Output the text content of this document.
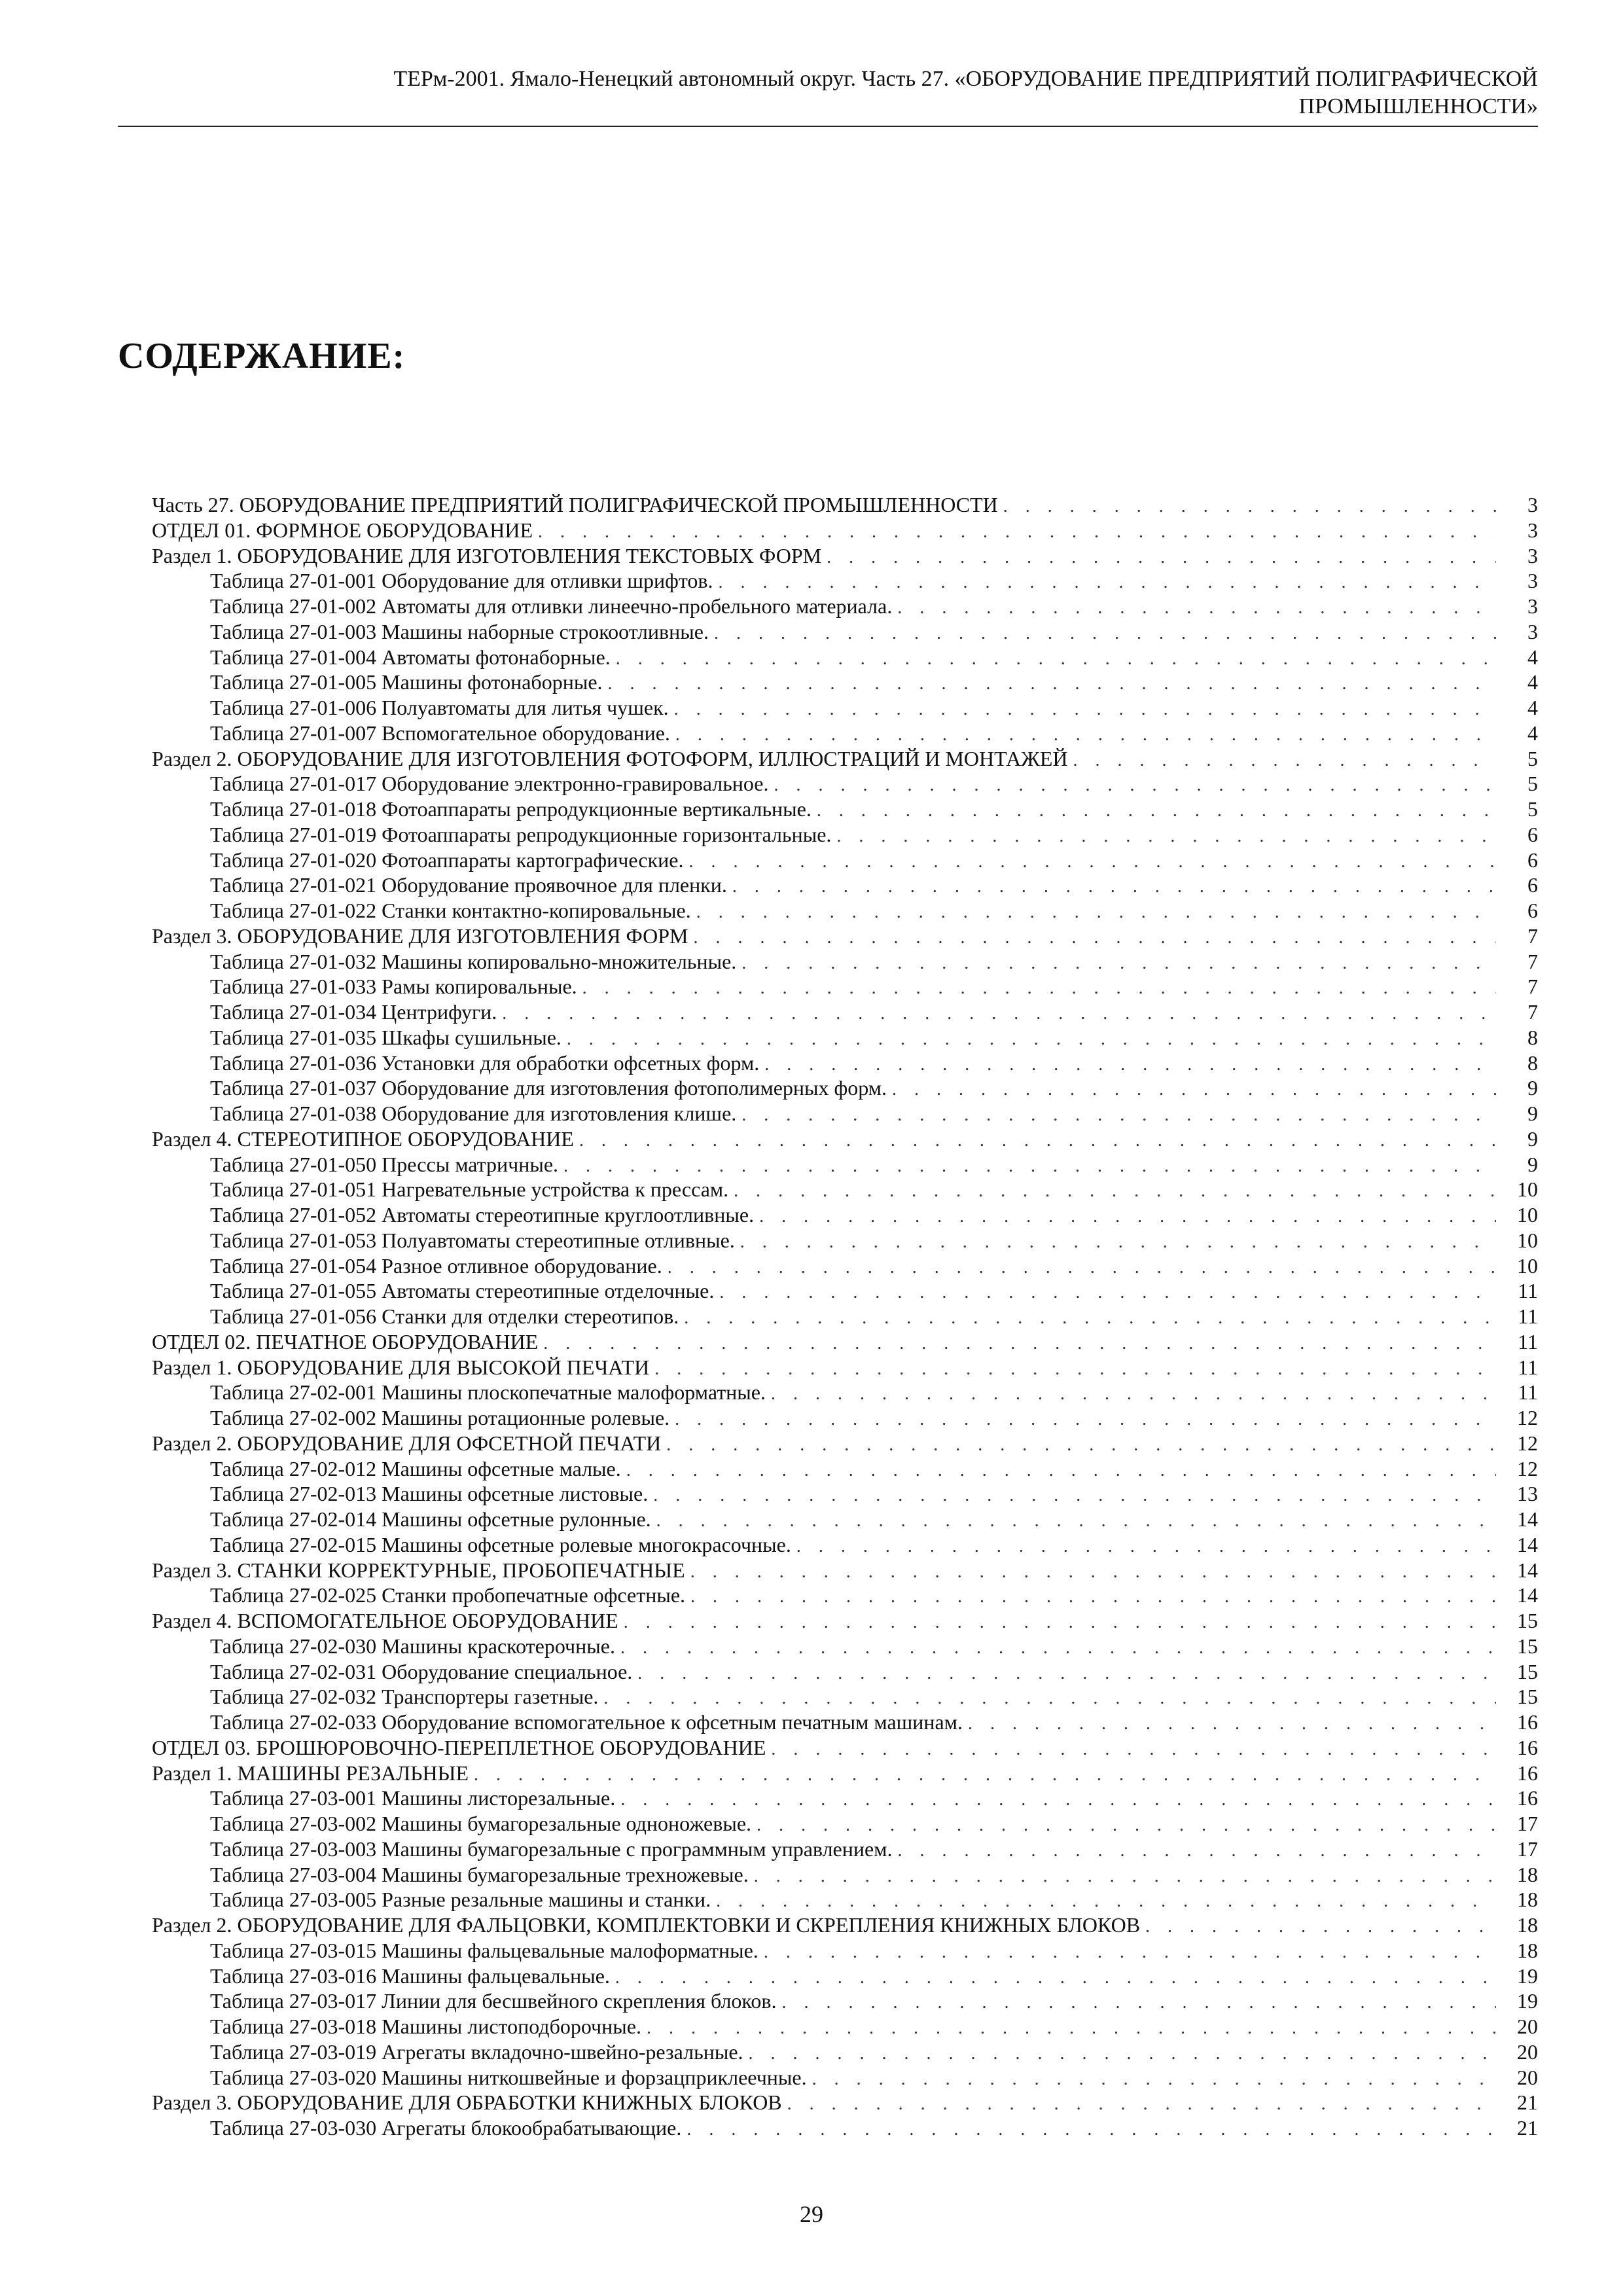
ТЕРм-2001. Ямало-Ненецкий автономный округ. Часть 27. «ОБОРУДОВАНИЕ ПРЕДПРИЯТИЙ ПОЛИГРАФИЧЕСКОЙ
ПРОМЫШЛЕННОСТИ»
СОДЕРЖАНИЕ:
Часть 27. ОБОРУДОВАНИЕ ПРЕДПРИЯТИЙ ПОЛИГРАФИЧЕСКОЙ ПРОМЫШЛЕННОСТИ . . .	3
ОТДЕЛ 01. ФОРМНОЕ ОБОРУДОВАНИЕ . . .	3
Раздел 1. ОБОРУДОВАНИЕ ДЛЯ ИЗГОТОВЛЕНИЯ ТЕКСТОВЫХ ФОРМ . . .	3
Таблица 27-01-001 Оборудование для отливки шрифтов. . . .	3
Таблица 27-01-002 Автоматы для отливки линеечно-пробельного материала. . . .	3
Таблица 27-01-003 Машины наборные строкоотливные. . . .	3
Таблица 27-01-004 Автоматы фотонаборные. . . .	4
Таблица 27-01-005 Машины фотонаборные. . . .	4
Таблица 27-01-006 Полуавтоматы для литья чушек. . . .	4
Таблица 27-01-007 Вспомогательное оборудование. . . .	4
Раздел 2. ОБОРУДОВАНИЕ ДЛЯ ИЗГОТОВЛЕНИЯ ФОТОФОРМ, ИЛЛЮСТРАЦИЙ И МОНТАЖЕЙ . . .	5
Таблица 27-01-017 Оборудование электронно-гравировальное. . . .	5
Таблица 27-01-018 Фотоаппараты репродукционные вертикальные. . . .	5
Таблица 27-01-019 Фотоаппараты репродукционные горизонтальные. . . .	6
Таблица 27-01-020 Фотоаппараты картографические. . . .	6
Таблица 27-01-021 Оборудование проявочное для пленки. . . .	6
Таблица 27-01-022 Станки контактно-копировальные. . . .	6
Раздел 3. ОБОРУДОВАНИЕ ДЛЯ ИЗГОТОВЛЕНИЯ ФОРМ . . .	7
Таблица 27-01-032 Машины копировально-множительные. . . .	7
Таблица 27-01-033 Рамы копировальные. . . .	7
Таблица 27-01-034 Центрифуги. . . .	7
Таблица 27-01-035 Шкафы сушильные. . . .	8
Таблица 27-01-036 Установки для обработки офсетных форм. . . .	8
Таблица 27-01-037 Оборудование для изготовления фотополимерных форм. . . .	9
Таблица 27-01-038 Оборудование для изготовления клише. . . .	9
Раздел 4. СТЕРЕОТИПНОЕ ОБОРУДОВАНИЕ . . .	9
Таблица 27-01-050 Прессы матричные. . . .	9
Таблица 27-01-051 Нагревательные устройства к прессам. . . .	10
Таблица 27-01-052 Автоматы стереотипные круглоотливные. . . .	10
Таблица 27-01-053 Полуавтоматы стереотипные отливные. . . .	10
Таблица 27-01-054 Разное отливное оборудование. . . .	10
Таблица 27-01-055 Автоматы стереотипные отделочные. . . .	11
Таблица 27-01-056 Станки для отделки стереотипов. . . .	11
ОТДЕЛ 02. ПЕЧАТНОЕ ОБОРУДОВАНИЕ . . .	11
Раздел 1. ОБОРУДОВАНИЕ ДЛЯ ВЫСОКОЙ ПЕЧАТИ . . .	11
Таблица 27-02-001 Машины плоскопечатные малоформатные. . . .	11
Таблица 27-02-002 Машины ротационные ролевые. . . .	12
Раздел 2. ОБОРУДОВАНИЕ ДЛЯ ОФСЕТНОЙ ПЕЧАТИ . . .	12
Таблица 27-02-012 Машины офсетные малые. . . .	12
Таблица 27-02-013 Машины офсетные листовые. . . .	13
Таблица 27-02-014 Машины офсетные рулонные. . . .	14
Таблица 27-02-015 Машины офсетные ролевые многокрасочные. . . .	14
Раздел 3. СТАНКИ КОРРЕКТУРНЫЕ, ПРОБОПЕЧАТНЫЕ . . .	14
Таблица 27-02-025 Станки пробопечатные офсетные. . . .	14
Раздел 4. ВСПОМОГАТЕЛЬНОЕ ОБОРУДОВАНИЕ . . .	15
Таблица 27-02-030 Машины краскотерочные. . . .	15
Таблица 27-02-031 Оборудование специальное. . . .	15
Таблица 27-02-032 Транспортеры газетные. . . .	15
Таблица 27-02-033 Оборудование вспомогательное к офсетным печатным машинам. . . .	16
ОТДЕЛ 03. БРОШЮРОВОЧНО-ПЕРЕПЛЕТНОЕ ОБОРУДОВАНИЕ . . .	16
Раздел 1. МАШИНЫ РЕЗАЛЬНЫЕ . . .	16
Таблица 27-03-001 Машины листорезальные. . . .	16
Таблица 27-03-002 Машины бумагорезальные одноножевые. . . .	17
Таблица 27-03-003 Машины бумагорезальные с программным управлением. . . .	17
Таблица 27-03-004 Машины бумагорезальные трехножевые. . . .	18
Таблица 27-03-005 Разные резальные машины и станки. . . .	18
Раздел 2. ОБОРУДОВАНИЕ ДЛЯ ФАЛЬЦОВКИ, КОМПЛЕКТОВКИ И СКРЕПЛЕНИЯ КНИЖНЫХ БЛОКОВ . . .	18
Таблица 27-03-015 Машины фальцевальные малоформатные. . . .	18
Таблица 27-03-016 Машины фальцевальные. . . .	19
Таблица 27-03-017 Линии для бесшвейного скрепления блоков. . . .	19
Таблица 27-03-018 Машины листоподборочные. . . .	20
Таблица 27-03-019 Агрегаты вкладочно-швейно-резальные. . . .	20
Таблица 27-03-020 Машины ниткошвейные и форзацприклеечные. . . .	20
Раздел 3. ОБОРУДОВАНИЕ ДЛЯ ОБРАБОТКИ КНИЖНЫХ БЛОКОВ . . .	21
Таблица 27-03-030 Агрегаты блокообрабатывающие. . . .	21
29
